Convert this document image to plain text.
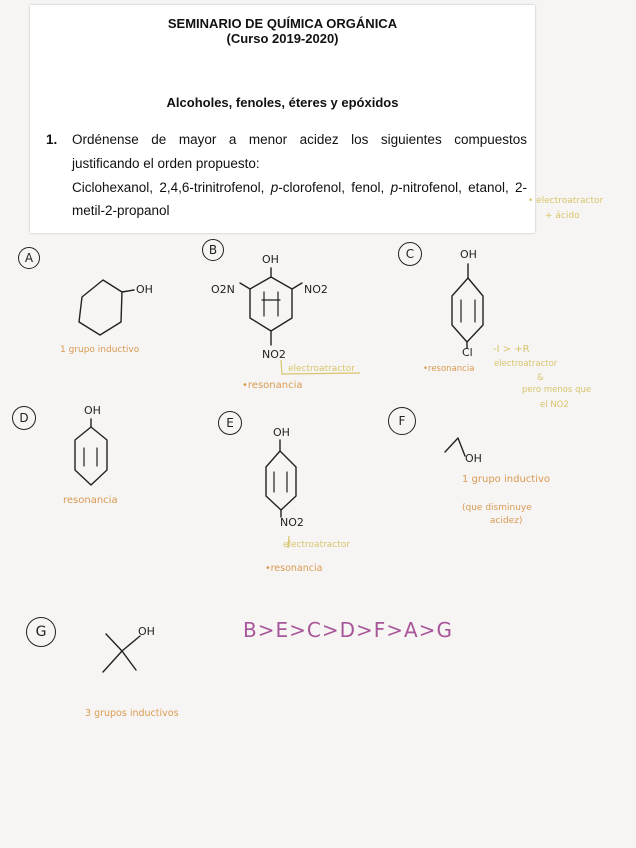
SEMINARIO DE QUÍMICA ORGÁNICA
(Curso 2019-2020)
Alcoholes, fenoles, éteres y epóxidos
1. Ordénense de mayor a menor acidez los siguientes compuestos
justificando el orden propuesto:
Ciclohexanol, 2,4,6-trinitrofenol, p-clorofenol, fenol, p-nitrofenol, etanol, 2-
metil-2-propanol
A
B	C
D	E	F
G
• electroatractor
+ ácido
OH
1 grupo inductivo
OH
O2N	NO2
NO2
electroatractor
•resonancia
OH
Cl
•resonancia
-I > +R
electroatractor
&
pero menos que
el NO2
OH
resonancia
OH
NO2
electroatractor
•resonancia
OH
1 grupo inductivo
(que disminuye
acidez)
OH
3 grupos inductivos
B>E>C>D>F>A>G
